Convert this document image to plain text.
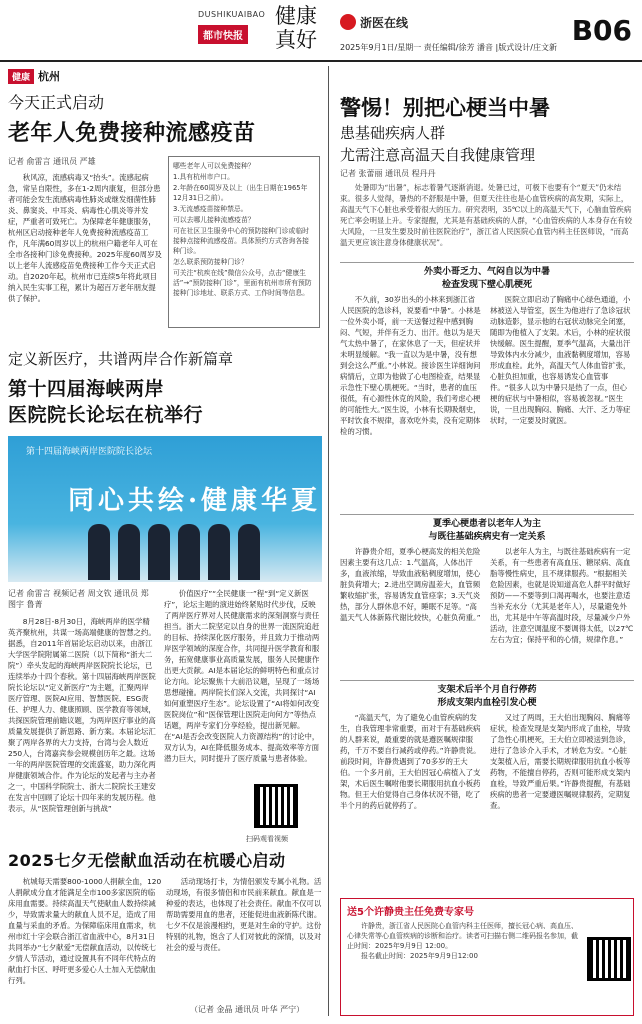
DUSHIKUAIBAO
都市快报
健康真好
浙医在线
2025年9月1日/星期一 责任编辑/徐芳 潘音 |版式设计/庄文新
B06
健康 杭州
今天正式启动
老年人免费接种流感疫苗
记者 俞雷言 通讯员 严雄
秋风凉，流感病毒又“抬头”。流感起病急，常呈自限性，多在1-2周内康复，但部分患者可能会发生流感病毒性肺炎或继发细菌性肺炎、鼻窦炎、中耳炎、病毒性心肌炎等并发症，严重者可致死亡。为保障老年健康服务，杭州区启动接种老年人免费接种流感疫苗工作，凡年满60周岁以上的杭州户籍老年人可在全市各接种门诊免费接种。2025年度60周岁及以上老年人流感疫苗免费接种工作今天正式启动。自2020年起，杭州市已连续5年将此项目纳入民生实事工程，累计为超百万老年朋友提供了保护。
哪些老年人可以免费接种？
1.具有杭州市户口。
2.年龄在60周岁及以上（出生日期在1965年12月31日之前）。
3.无流感疫苗接种禁忌。
可以去哪儿接种流感疫苗？
可在社区卫生服务中心的预防接种门诊或临时接种点接种流感疫苗。具体预约方式咨询各接种门诊。
怎么联系预防接种门诊？
可关注“杭疾在线”微信公众号，点击“健康生活”→“预防接种门诊”，里面有杭州市所有预防接种门诊地址、联系方式、工作时间等信息。
定义新医疗，共谱两岸合作新篇章
第十四届海峡两岸
医院院长论坛在杭举行
第十四届海峡两岸医院院长论坛
同心共绘·健康华夏
记者 俞雷言 视频记者 周文钦 通讯员 郑图宇 鲁菁
8月28日-8月30日，海峡两岸的医学精英齐聚杭州，共谋一场高端健康的智慧之约。据悉，自2011年首届论坛启动以来，由浙江大学医学院附属第二医院（以下简称“浙大二院”）牵头发起的海峡两岸医院院长论坛，已连续举办十四个春秋。第十四届海峡两岸医院院长论坛以“定义新医疗”为主题，汇聚两岸医疗管理、医院AI应用、智慧医院、ESG责任、护理人力、健康照顾、医学教育等领域，共探医院管理前瞻议题，为两岸医疗事业的高质量发展提供了新思路、新方案。本届论坛汇聚了两岸各界的大力支持，台湾与会人数近250人，台湾嘉宾参会规模创历年之最。这场一年的两岸医院管理的交流盛宴，助力深化两岸健康领域合作。作为论坛的发起者与主办者之一，中国科学院院士、浙大二院院长王建安在发言中回顾了论坛十四年来的发展历程。他表示，从“医院管理创新与挑战”
价值医疗”“全民健康一”程“到“定义新医疗”，论坛主题的演进始终紧贴时代步伐，反映了两岸医疗界对人民健康需求的深刻洞察与责任担当。浙大二院坚定以自身的世界一流医院追赶的目标、持续深化医疗服务，并且致力于推动两岸医学领域的深度合作，共同提升医学教育和服务，拓宽健康事业高质量发展，服务人民健康作出更大贡献。AI是本届论坛的鲜明特色和重点讨论方向。论坛聚焦十大前沿议题，呈现了一场场思想碰撞。两岸院长们深入交流，共同探讨“AI如何重塑医疗生态”。论坛设置了“AI将如何改变医院岗位”和“医保管理让医院走向何方”等热点话题，两岸专家们分享经验，提出新见解。在“AI是否会改变医院人力资源结构”的讨论中，双方认为，AI在降低服务成本、提高效率等方面潜力巨大，同时提升了医疗质量与患者体验。
扫码观看视频
2025七夕无偿献血活动在杭暖心启动
杭城每天需要800-1000人捐献全血，120人捐献成分血才能满足全市100多家医院的临床用血需要。持续高温天气使献血人数持续减少，导致需求量大的献血人员不足，造成了用血量与采血的矛盾。为保障临床用血需求，杭州市红十字会联合浙江省血液中心，8月31日共同举办“七夕献爱”无偿献血活动，以传统七夕情人节活动，通过设置具有不同年代特点的献血打卡区、呼吁更多爱心人士加入无偿献血行列。
活动现场打卡，为情侣颁发专属小礼物。活动现场，有很多情侣和市民前来献血。献血是一种爱的表达，也体现了社会责任。献血不仅可以帮助需要用血的患者，还能促进血液新陈代谢。七夕不仅是浪漫相约，更是对生命的守护。这份特别的礼物，饱含了人们对彼此的深情，以及对社会的爱与责任。
（记者 金晶 通讯员 叶华 严宁）
警惕！别把心梗当中暑
患基础疾病人群
尤需注意高温天自我健康管理
记者 张蕾丽 通讯员 程丹丹
处暑即为“出暑”，标志着暑气逐渐消退。处暑已过，可极下也要有个“夏天”仍未结束。很多人觉得，暑热的不舒服是中暑，但夏天往往也是心血管疾病的高发期，实际上，高温天气下心脏也承受着很大的压力。研究表明，35℃以上的高温天气下，心脑血管疾病死亡率会明显上升。专家提醒，尤其是有基础疾病的人群，“心血管疾病的人本身存在有较大风险，一旦发生要及时前往医院治疗”，浙江省人民医院心血管内科主任医师说，“而高温天更应该注意身体健康状况”。
外卖小哥乏力、气闷自以为中暑
检查发现下壁心肌梗死
不久前，30岁出头的小林来到浙江省人民医院的急诊科，说要看“中暑”。小林是一位外卖小哥，前一天送餐过程中感到胸闷、气短，并伴有乏力、出汗。他以为是天气太热中暑了，在家休息了一天，但症状并未明显缓解。“我一直以为是中暑，没有想到会这么严重。”小林说。接诊医生详细询问病情后，立即为他做了心电图检查，结果显示急性下壁心肌梗死。“当时，患者的血压很低，有心源性休克的风险，我们考虑心梗的可能性大。”医生说，小林有长期吸烟史，平时饮食不规律，喜欢吃外卖，没有定期体检的习惯。
医院立即启动了胸痛中心绿色通道，小林被送入导管室，医生为他进行了急诊冠状动脉造影，显示他的右冠状动脉完全闭塞，随即为他植入了支架。术后，小林的症状很快缓解。医生提醒，夏季气温高，大量出汗导致体内水分减少，血液黏稠度增加，容易形成血栓。此外，高温天气人体血管扩张，心脏负担加重，也容易诱发心血管事件。“很多人以为中暑只是热了一点，但心梗的症状与中暑相似，容易被忽视。”医生说，一旦出现胸闷、胸痛、大汗、乏力等症状时，一定要及时就医。
夏季心梗患者以老年人为主
与既往基础疾病史有一定关系
许静贵介绍，夏季心梗高发的相关危险因素主要有这几点：1.气温高，人体出汗多，血液浓缩，导致血液粘稠度增加，使心脏负荷增大；2.进出空调房温差大，血管频繁收缩扩张，容易诱发血管痉挛；3.天气炎热，部分人群休息不好，睡眠不足等。“高温天气人体新陈代谢比较快，心脏负荷重。”
以老年人为主，与既往基础疾病有一定关系，有一些患者有高血压、糖尿病、高血脂等慢性病史，且不规律服药。“根据相关危险因素，也就是说知道高危人群平时做好预防——不要等到口渴再喝水，也要注意适当补充水分（尤其是老年人），尽量避免外出，尤其是中午等高温时段，尽量减少户外活动，注意空调温度不要调得太低，以27℃左右为宜；保持平和的心情，规律作息。”
支架术后半个月自行停药
形成支架内血栓引发心梗
“高温天气，为了避免心血管疾病的发生，自我管理非常重要，而对于有基础疾病的人群来说，最重要的就是遵医嘱规律服药，千万不要自行减药或停药。”许静贵说。前段时间，许静贵遇到了70多岁的王大伯。一个多月前，王大伯因冠心病植入了支架，术后医生嘱咐他要长期服用抗血小板药物。但王大伯觉得自己身体状况不错，吃了半个月的药后就停药了。
又过了两周，王大伯出现胸闷、胸痛等症状，检查发现是支架内形成了血栓，导致了急性心肌梗死，王大伯立即被送到急诊，进行了急诊介入手术，才转危为安。“心脏支架植入后，需要长期规律服用抗血小板等药物，不能擅自停药，否则可能形成支架内血栓，导致严重后果。”许静贵提醒，有基础疾病的患者一定要遵医嘱规律服药，定期复查。
送5个许静贵主任免费专家号

许静贵，浙江省人民医院心血管内科主任医师，擅长冠心病、高血压、心律失常等心血管疾病的诊断和治疗。读者可扫描右侧二维码报名参加，截止时间：2025年9月9日 12:00。

报名截止时间：2025年9月9日12:00
